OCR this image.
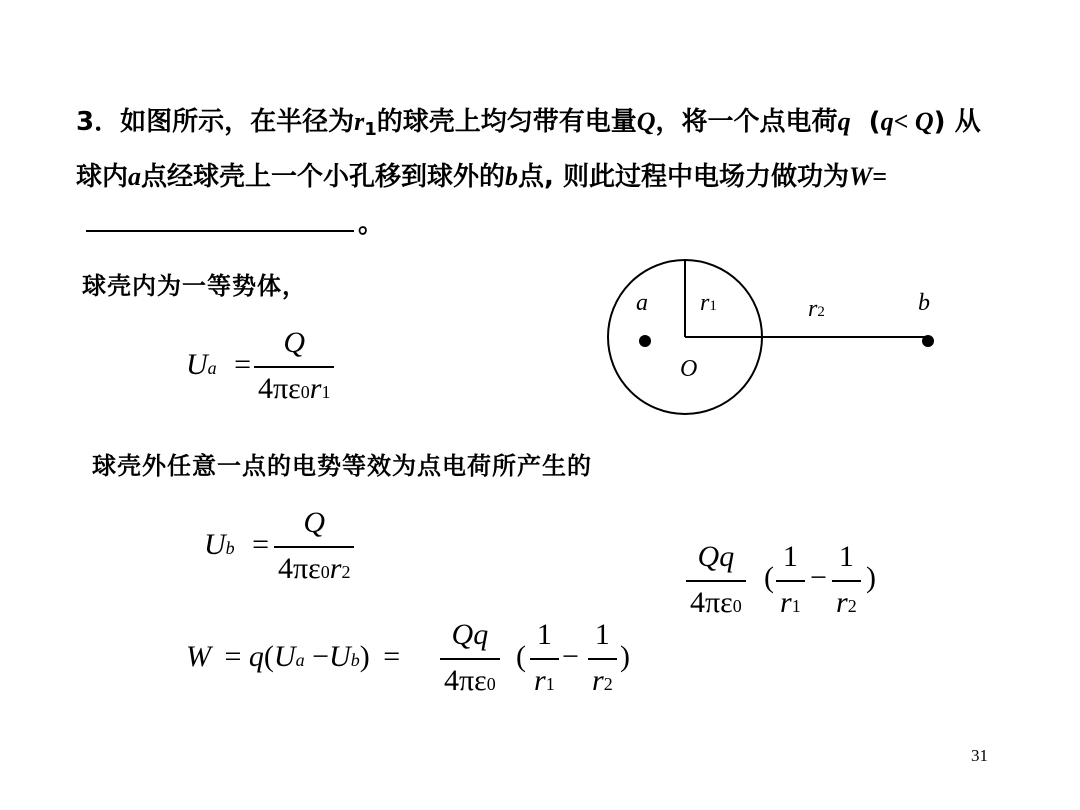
3．如图所示，在半径为$r_1$的球壳上均匀带有电量Q，将一个点电荷q (q< Q) 从球内a点经球壳上一个小孔移到球外的b点, 则此过程中电场力做功为W=。
球壳内为一等势体，
球壳外任意一点的电势等效为点电荷所产生的
$Ua = \frac{Q}{4\pi\varepsilon 0r1}$
$Ub = \frac{Q}{4\pi\varepsilon 0r2}$	$\frac{Qq}{4\pi\varepsilon 0}$ ( $\frac{1}{r1} - \frac{1}{r2}$ )
$W = q(Ua -Ub) = \frac{Qq}{4\pi\varepsilon 0}$ ( $\frac{1}{r1} - \frac{1}{r2}$ )
a r1	r2	b
O
31
